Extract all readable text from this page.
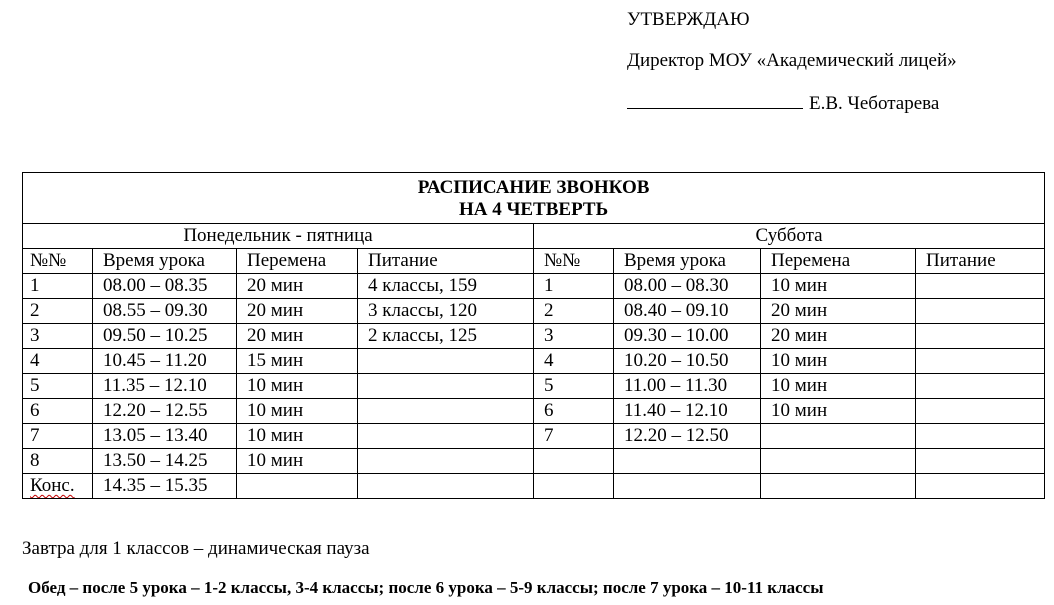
УТВЕРЖДАЮ
Директор МОУ «Академический лицей»
Е.В. Чеботарева
РАСПИСАНИЕ ЗВОНКОВ
НА 4 ЧЕТВЕРТЬ							

Понедельник - пятница				Суббота			
№№	Время урока	Перемена	Питание	№№	Время урока	Перемена	Питание
1	08.00 – 08.35	20 мин	4 классы, 159	1	08.00 – 08.30	10 мин	
2	08.55 – 09.30	20 мин	3 классы, 120	2	08.40 – 09.10	20 мин	
3	09.50 – 10.25	20 мин	2 классы, 125	3	09.30 – 10.00	20 мин	
4	10.45 – 11.20	15 мин		4	10.20 – 10.50	10 мин	
5	11.35 – 12.10	10 мин		5	11.00 – 11.30	10 мин	
6	12.20 – 12.55	10 мин		6	11.40 – 12.10	10 мин	
7	13.05 – 13.40	10 мин		7	12.20 – 12.50		
8	13.50 – 14.25	10 мин					
Конс.	14.35 – 15.35						
Завтра для 1 классов – динамическая пауза
Обед – после 5 урока – 1-2 классы, 3-4 классы; после 6 урока – 5-9 классы; после 7 урока – 10-11 классы
